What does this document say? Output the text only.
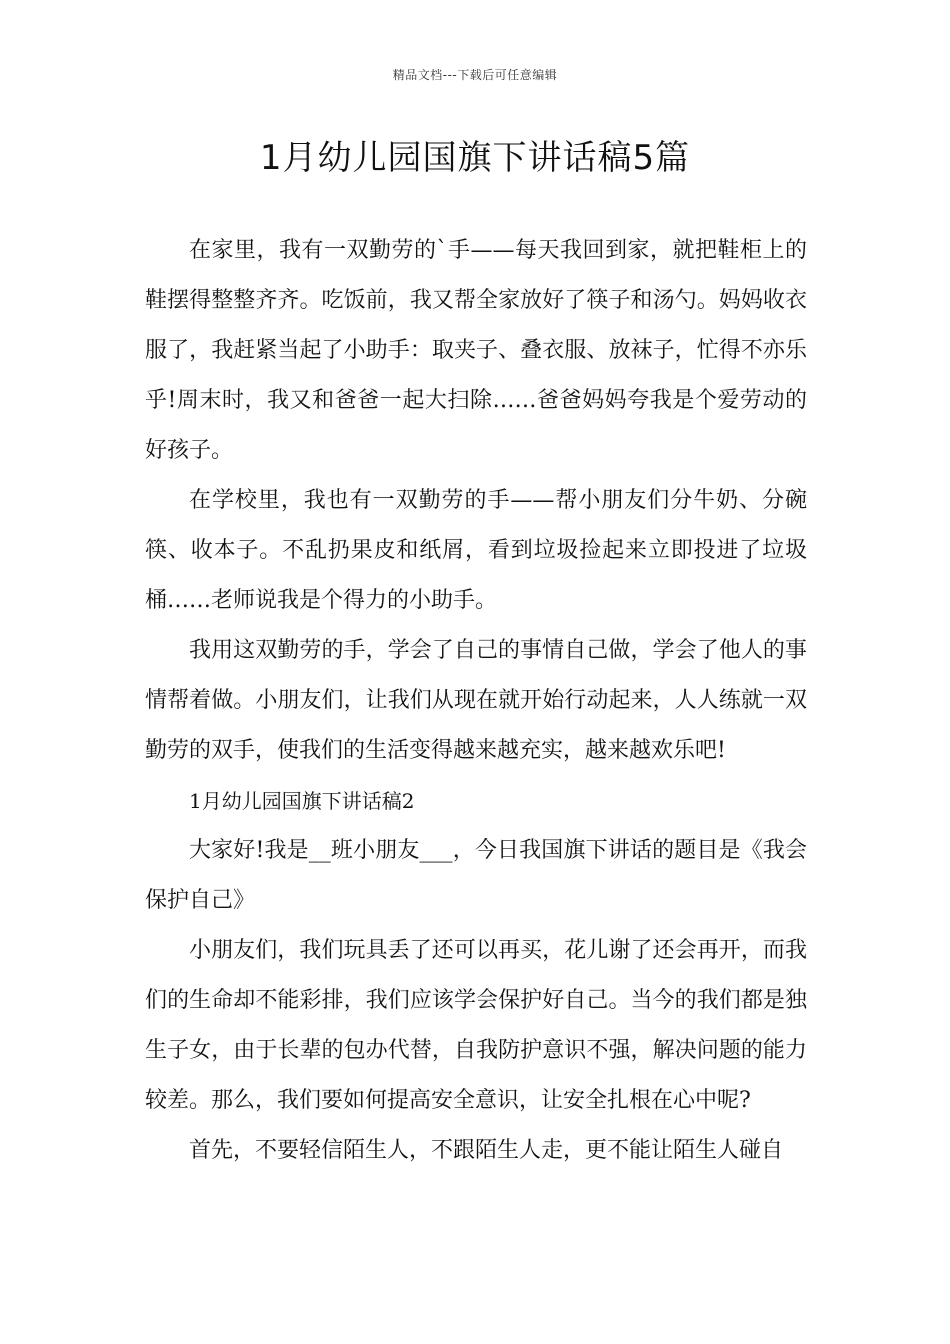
精品文档---下载后可任意编辑
1月幼儿园国旗下讲话稿5篇

在家里，我有一双勤劳的`手——每天我回到家，就把鞋柜上的鞋摆得整整齐齐。吃饭前，我又帮全家放好了筷子和汤勺。妈妈收衣服了，我赶紧当起了小助手：取夹子、叠衣服、放袜子，忙得不亦乐乎!周末时，我又和爸爸一起大扫除……爸爸妈妈夸我是个爱劳动的好孩子。

在学校里，我也有一双勤劳的手——帮小朋友们分牛奶、分碗筷、收本子。不乱扔果皮和纸屑，看到垃圾捡起来立即投进了垃圾桶……老师说我是个得力的小助手。

我用这双勤劳的手，学会了自己的事情自己做，学会了他人的事情帮着做。小朋友们，让我们从现在就开始行动起来，人人练就一双勤劳的双手，使我们的生活变得越来越充实，越来越欢乐吧!

1月幼儿园国旗下讲话稿2

大家好!我是__班小朋友___，今日我国旗下讲话的题目是《我会保护自己》

小朋友们，我们玩具丢了还可以再买，花儿谢了还会再开，而我们的生命却不能彩排，我们应该学会保护好自己。当今的我们都是独生子女，由于长辈的包办代替，自我防护意识不强，解决问题的能力较差。那么，我们要如何提高安全意识，让安全扎根在心中呢?

首先，不要轻信陌生人，不跟陌生人走，更不能让陌生人碰自
